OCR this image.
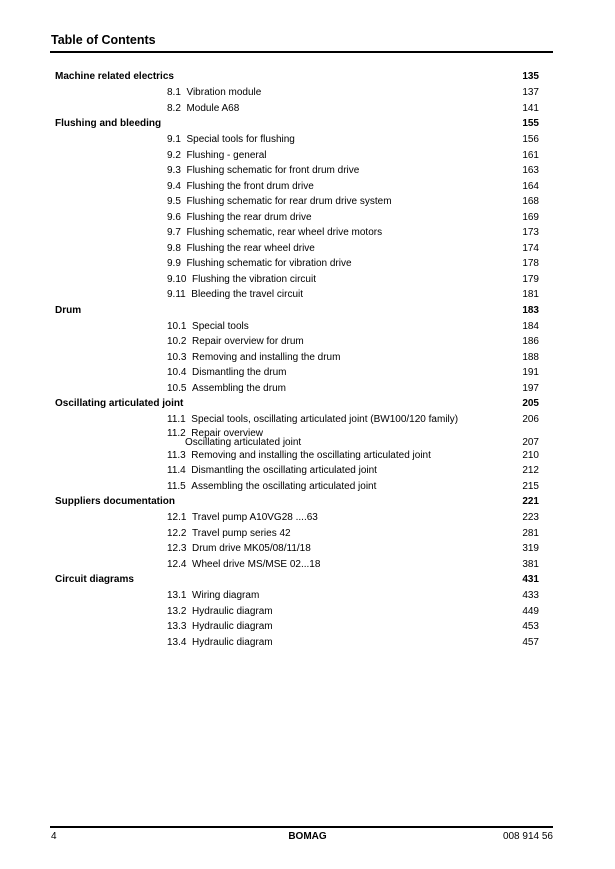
Table of Contents
Machine related electrics	135
8.1 Vibration module	137
8.2 Module A68	141
Flushing and bleeding	155
9.1 Special tools for flushing	156
9.2 Flushing - general	161
9.3 Flushing schematic for front drum drive	163
9.4 Flushing the front drum drive	164
9.5 Flushing schematic for rear drum drive system	168
9.6 Flushing the rear drum drive	169
9.7 Flushing schematic, rear wheel drive motors	173
9.8 Flushing the rear wheel drive	174
9.9 Flushing schematic for vibration drive	178
9.10 Flushing the vibration circuit	179
9.11 Bleeding the travel circuit	181
Drum	183
10.1 Special tools	184
10.2 Repair overview for drum	186
10.3 Removing and installing the drum	188
10.4 Dismantling the drum	191
10.5 Assembling the drum	197
Oscillating articulated joint	205
11.1 Special tools, oscillating articulated joint (BW100/120 family)	206
11.2 Repair overview
Oscillating articulated joint	207
11.3 Removing and installing the oscillating articulated joint	210
11.4 Dismantling the oscillating articulated joint	212
11.5 Assembling the oscillating articulated joint	215
Suppliers documentation	221
12.1 Travel pump A10VG28 ....63	223
12.2 Travel pump series 42	281
12.3 Drum drive MK05/08/11/18	319
12.4 Wheel drive MS/MSE 02...18	381
Circuit diagrams	431
13.1 Wiring diagram	433
13.2 Hydraulic diagram	449
13.3 Hydraulic diagram	453
13.4 Hydraulic diagram	457
4	BOMAG	008 914 56
